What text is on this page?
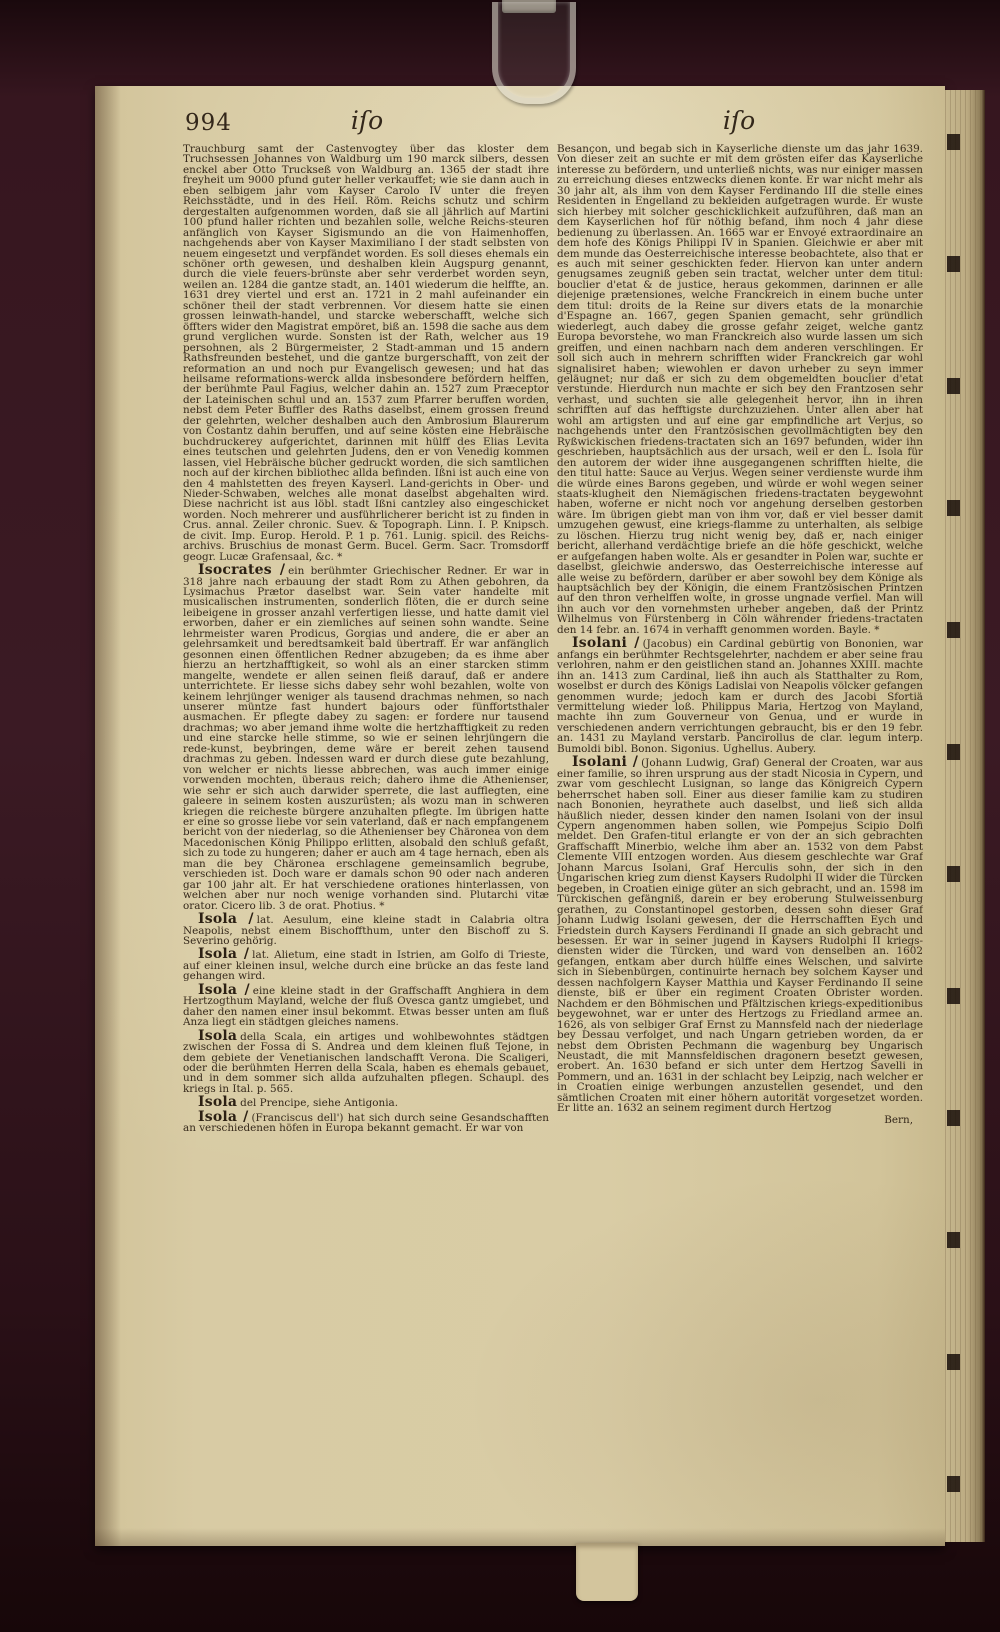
994	iſo	iſo

Trauchburg samt der Castenvogtey über das kloster dem Truchsessen Johannes von Waldburg um 190 marck silbers, dessen enckel aber Otto Truckseß von Waldburg an. 1365 der stadt ihre freyheit um 9000 pfund guter heller verkauffet; wie sie dann auch in eben selbigem jahr vom Kayser Carolo IV unter die freyen Reichsstädte, und in des Heil. Röm. Reichs schutz und schirm dergestalten aufgenommen worden, daß sie all jährlich auf Martini 100 pfund haller richten und bezahlen solle, welche Reichs-steuren anfänglich von Kayser Sigismundo an die von Haimenhoffen, nachgehends aber von Kayser Maximiliano I der stadt selbsten von neuem eingesetzt und verpfändet worden. Es soll dieses ehemals ein schöner orth gewesen, und deshalben klein Augspurg genannt, durch die viele feuers-brünste aber sehr verderbet worden seyn, weilen an. 1284 die gantze stadt, an. 1401 wiederum die helffte, an. 1631 drey viertel und erst an. 1721 in 2 mahl aufeinander ein schöner theil der stadt verbrennen. Vor diesem hatte sie einen grossen leinwath-handel, und starcke weberschafft, welche sich öffters wider den Magistrat empöret, biß an. 1598 die sache aus dem grund verglichen wurde. Sonsten ist der Rath, welcher aus 19 persohnen, als 2 Bürgermeister, 2 Stadt-amman und 15 andern Rathsfreunden bestehet, und die gantze burgerschafft, von zeit der reformation an und noch pur Evangelisch gewesen; und hat das heilsame reformations-werck allda insbesondere befördern helffen, der berühmte Paul Fagius, welcher dahin an. 1527 zum Præceptor der Lateinischen schul und an. 1537 zum Pfarrer beruffen worden, nebst dem Peter Buffler des Raths daselbst, einem grossen freund der gelehrten, welcher deshalben auch den Ambrosium Blaurerum von Costantz dahin beruffen, und auf seine kösten eine Hebräische buchdruckerey aufgerichtet, darinnen mit hülff des Elias Levita eines teutschen und gelehrten Judens, den er von Venedig kommen lassen, viel Hebräische bücher gedruckt worden, die sich samtlichen noch auf der kirchen bibliothec allda befinden. Ißni ist auch eine von den 4 mahlstetten des freyen Kayserl. Land-gerichts in Ober- und Nieder-Schwaben, welches alle monat daselbst abgehalten wird. Diese nachricht ist aus löbl. stadt Ißni cantzley also eingeschicket worden. Noch mehrerer und ausführlicherer bericht ist zu finden in Crus. annal. Zeiler chronic. Suev. & Topograph. Linn. I. P. Knipsch. de civit. Imp. Europ. Herold. P. 1 p. 761. Lunig. spicil. des Reichs-archivs. Bruschius de monast Germ. Bucel. Germ. Sacr. Tromsdorff geogr. Lucæ Grafensaal, &c. *

Isocrates / ein berühmter Griechischer Redner. Er war in 318 jahre nach erbauung der stadt Rom zu Athen gebohren, da Lysimachus Prætor daselbst war. Sein vater handelte mit musicalischen instrumenten, sonderlich flöten, die er durch seine leibeigene in grosser anzahl verfertigen liesse, und hatte damit viel erworben, daher er ein ziemliches auf seinen sohn wandte. Seine lehrmeister waren Prodicus, Gorgias und andere, die er aber an gelehrsamkeit und beredtsamkeit bald übertraff. Er war anfänglich gesonnen einen öffentlichen Redner abzugeben; da es ihme aber hierzu an hertzhafftigkeit, so wohl als an einer starcken stimm mangelte, wendete er allen seinen fleiß darauf, daß er andere unterrichtete. Er liesse sichs dabey sehr wohl bezahlen, wolte von keinem lehrjünger weniger als tausend drachmas nehmen, so nach unserer müntze fast hundert bajours oder fünffortsthaler ausmachen. Er pflegte dabey zu sagen: er fordere nur tausend drachmas; wo aber jemand ihme wolte die hertzhafftigkeit zu reden und eine starcke helle stimme, so wie er seinen lehrjüngern die rede-kunst, beybringen, deme wäre er bereit zehen tausend drachmas zu geben. Indessen ward er durch diese gute bezahlung, von welcher er nichts liesse abbrechen, was auch immer einige vorwenden mochten, überaus reich; dahero ihme die Athenienser, wie sehr er sich auch darwider sperrete, die last aufflegten, eine galeere in seinem kosten auszurüsten; als wozu man in schweren kriegen die reicheste bürgere anzuhalten pflegte. Im übrigen hatte er eine so grosse liebe vor sein vaterland, daß er nach empfangenem bericht von der niederlag, so die Athenienser bey Chäronea von dem Macedonischen König Philippo erlitten, alsobald den schluß gefaßt, sich zu tode zu hungeren; daher er auch am 4 tage hernach, eben als man die bey Chäronea erschlagene gemeinsamlich begrube, verschieden ist. Doch ware er damals schon 90 oder nach anderen gar 100 jahr alt. Er hat verschiedene orationes hinterlassen, von welchen aber nur noch wenige vorhanden sind. Plutarchi vitæ orator. Cicero lib. 3 de orat. Photius. *

Isola / lat. Aesulum, eine kleine stadt in Calabria oltra Neapolis, nebst einem Bischoffthum, unter den Bischoff zu S. Severino gehörig.

Isola / lat. Alietum, eine stadt in Istrien, am Golfo di Trieste, auf einer kleinen insul, welche durch eine brücke an das feste land gehangen wird.

Isola / eine kleine stadt in der Graffschafft Anghiera in dem Hertzogthum Mayland, welche der fluß Ovesca gantz umgiebet, und daher den namen einer insul bekommt. Etwas besser unten am fluß Anza liegt ein städtgen gleiches namens.

Isola della Scala, ein artiges und wohlbewohntes städtgen zwischen der Fossa di S. Andrea und dem kleinen fluß Tejone, in dem gebiete der Venetianischen landschafft Verona. Die Scaligeri, oder die berühmten Herren della Scala, haben es ehemals gebauet, und in dem sommer sich allda aufzuhalten pflegen. Schaupl. des kriegs in Ital. p. 565.

Isola del Prencipe, siehe Antigonia.

Isola / (Franciscus dell') hat sich durch seine Gesandschafften an verschiedenen höfen in Europa bekannt gemacht. Er war von

Besançon, und begab sich in Kayserliche dienste um das jahr 1639. Von dieser zeit an suchte er mit dem grösten eifer das Kayserliche interesse zu befördern, und unterließ nichts, was nur einiger massen zu erreichung dieses entzwecks dienen konte. Er war nicht mehr als 30 jahr alt, als ihm von dem Kayser Ferdinando III die stelle eines Residenten in Engelland zu bekleiden aufgetragen wurde. Er wuste sich hierbey mit solcher geschicklichkeit aufzuführen, daß man an dem Kayserlichen hof für nöthig befand, ihm noch 4 jahr diese bedienung zu überlassen. An. 1665 war er Envoyé extraordinaire an dem hofe des Königs Philippi IV in Spanien. Gleichwie er aber mit dem munde das Oesterreichische interesse beobachtete, also that er es auch mit seiner geschickten feder. Hiervon kan unter andern genugsames zeugniß geben sein tractat, welcher unter dem titul: bouclier d'etat & de justice, heraus gekommen, darinnen er alle diejenige prætensiones, welche Franckreich in einem buche unter dem titul: droits de la Reine sur divers etats de la monarchie d'Espagne an. 1667, gegen Spanien gemacht, sehr gründlich wiederlegt, auch dabey die grosse gefahr zeiget, welche gantz Europa bevorstehe, wo man Franckreich also wurde lassen um sich greiffen, und einen nachbarn nach dem anderen verschlingen. Er soll sich auch in mehrern schrifften wider Franckreich gar wohl signalisiret haben; wiewohlen er davon urheber zu seyn immer geläugnet; nur daß er sich zu dem obgemeldten bouclier d'etat verstunde. Hierdurch nun machte er sich bey den Frantzosen sehr verhast, und suchten sie alle gelegenheit hervor, ihn in ihren schrifften auf das hefftigste durchzuziehen. Unter allen aber hat wohl am artigsten und auf eine gar empfindliche art Verjus, so nachgehends unter den Frantzösischen gevollmächtigten bey den Ryßwickischen friedens-tractaten sich an 1697 befunden, wider ihn geschrieben, hauptsächlich aus der ursach, weil er den L. Isola für den autorem der wider ihne ausgegangenen schrifften hielte, die den titul hatte: Sauce au Verjus. Wegen seiner verdienste wurde ihm die würde eines Barons gegeben, und würde er wohl wegen seiner staats-klugheit den Niemägischen friedens-tractaten beygewohnt haben, woferne er nicht noch vor angehung derselben gestorben wäre. Im übrigen giebt man von ihm vor, daß er viel besser damit umzugehen gewust, eine kriegs-flamme zu unterhalten, als selbige zu löschen. Hierzu trug nicht wenig bey, daß er, nach einiger bericht, allerhand verdächtige briefe an die höfe geschickt, welche er aufgefangen haben wolte. Als er gesandter in Polen war, suchte er daselbst, gleichwie anderswo, das Oesterreichische interesse auf alle weise zu befördern, darüber er aber sowohl bey dem Könige als hauptsächlich bey der Königin, die einem Frantzösischen Printzen auf den thron verhelffen wolte, in grosse ungnade verfiel. Man will ihn auch vor den vornehmsten urheber angeben, daß der Printz Wilhelmus von Fürstenberg in Cöln währender friedens-tractaten den 14 febr. an. 1674 in verhafft genommen worden. Bayle. *

Isolani / (Jacobus) ein Cardinal gebürtig von Bononien, war anfangs ein berühmter Rechtsgelehrter, nachdem er aber seine frau verlohren, nahm er den geistlichen stand an. Johannes XXIII. machte ihn an. 1413 zum Cardinal, ließ ihn auch als Statthalter zu Rom, woselbst er durch des Königs Ladislai von Neapolis völcker gefangen genommen wurde; jedoch kam er durch des Jacobi Sfortiä vermittelung wieder loß. Philippus Maria, Hertzog von Mayland, machte ihn zum Gouverneur von Genua, und er wurde in verschiedenen andern verrichtungen gebraucht, bis er den 19 febr. an. 1431 zu Mayland verstarb. Pancirollus de clar. legum interp. Bumoldi bibl. Bonon. Sigonius. Ughellus. Aubery.

Isolani / (Johann Ludwig, Graf) General der Croaten, war aus einer familie, so ihren ursprung aus der stadt Nicosia in Cypern, und zwar vom geschlecht Lusignan, so lange das Königreich Cypern beherrschet haben soll. Einer aus dieser familie kam zu studiren nach Bononien, heyrathete auch daselbst, und ließ sich allda häußlich nieder, dessen kinder den namen Isolani von der insul Cypern angenommen haben sollen, wie Pompejus Scipio Dolfi meldet. Den Grafen-titul erlangte er von der an sich gebrachten Graffschafft Minerbio, welche ihm aber an. 1532 von dem Pabst Clemente VIII entzogen worden. Aus diesem geschlechte war Graf Johann Marcus Isolani, Graf Herculis sohn, der sich in den Ungarischen krieg zum dienst Kaysers Rudolphi II wider die Türcken begeben, in Croatien einige güter an sich gebracht, und an. 1598 im Türckischen gefängniß, darein er bey eroberung Stulweissenburg gerathen, zu Constantinopel gestorben, dessen sohn dieser Graf Johann Ludwig Isolani gewesen, der die Herrschafften Eych und Friedstein durch Kaysers Ferdinandi II gnade an sich gebracht und besessen. Er war in seiner jugend in Kaysers Rudolphi II kriegs-diensten wider die Türcken, und ward von denselben an. 1602 gefangen, entkam aber durch hülffe eines Welschen, und salvirte sich in Siebenbürgen, continuirte hernach bey solchem Kayser und dessen nachfolgern Kayser Matthia und Kayser Ferdinando II seine dienste, biß er über ein regiment Croaten Obrister worden. Nachdem er den Böhmischen und Pfältzischen kriegs-expeditionibus beygewohnet, war er unter des Hertzogs zu Friedland armee an. 1626, als von selbiger Graf Ernst zu Mannsfeld nach der niederlage bey Dessau verfolget, und nach Ungarn getrieben worden, da er nebst dem Obristen Pechmann die wagenburg bey Ungarisch Neustadt, die mit Mannsfeldischen dragonern besetzt gewesen, erobert. An. 1630 befand er sich unter dem Hertzog Savelli in Pommern, und an. 1631 in der schlacht bey Leipzig, nach welcher er in Croatien einige werbungen anzustellen gesendet, und den sämtlichen Croaten mit einer höhern autorität vorgesetzet worden. Er litte an. 1632 an seinem regiment durch Hertzog

Bern,
